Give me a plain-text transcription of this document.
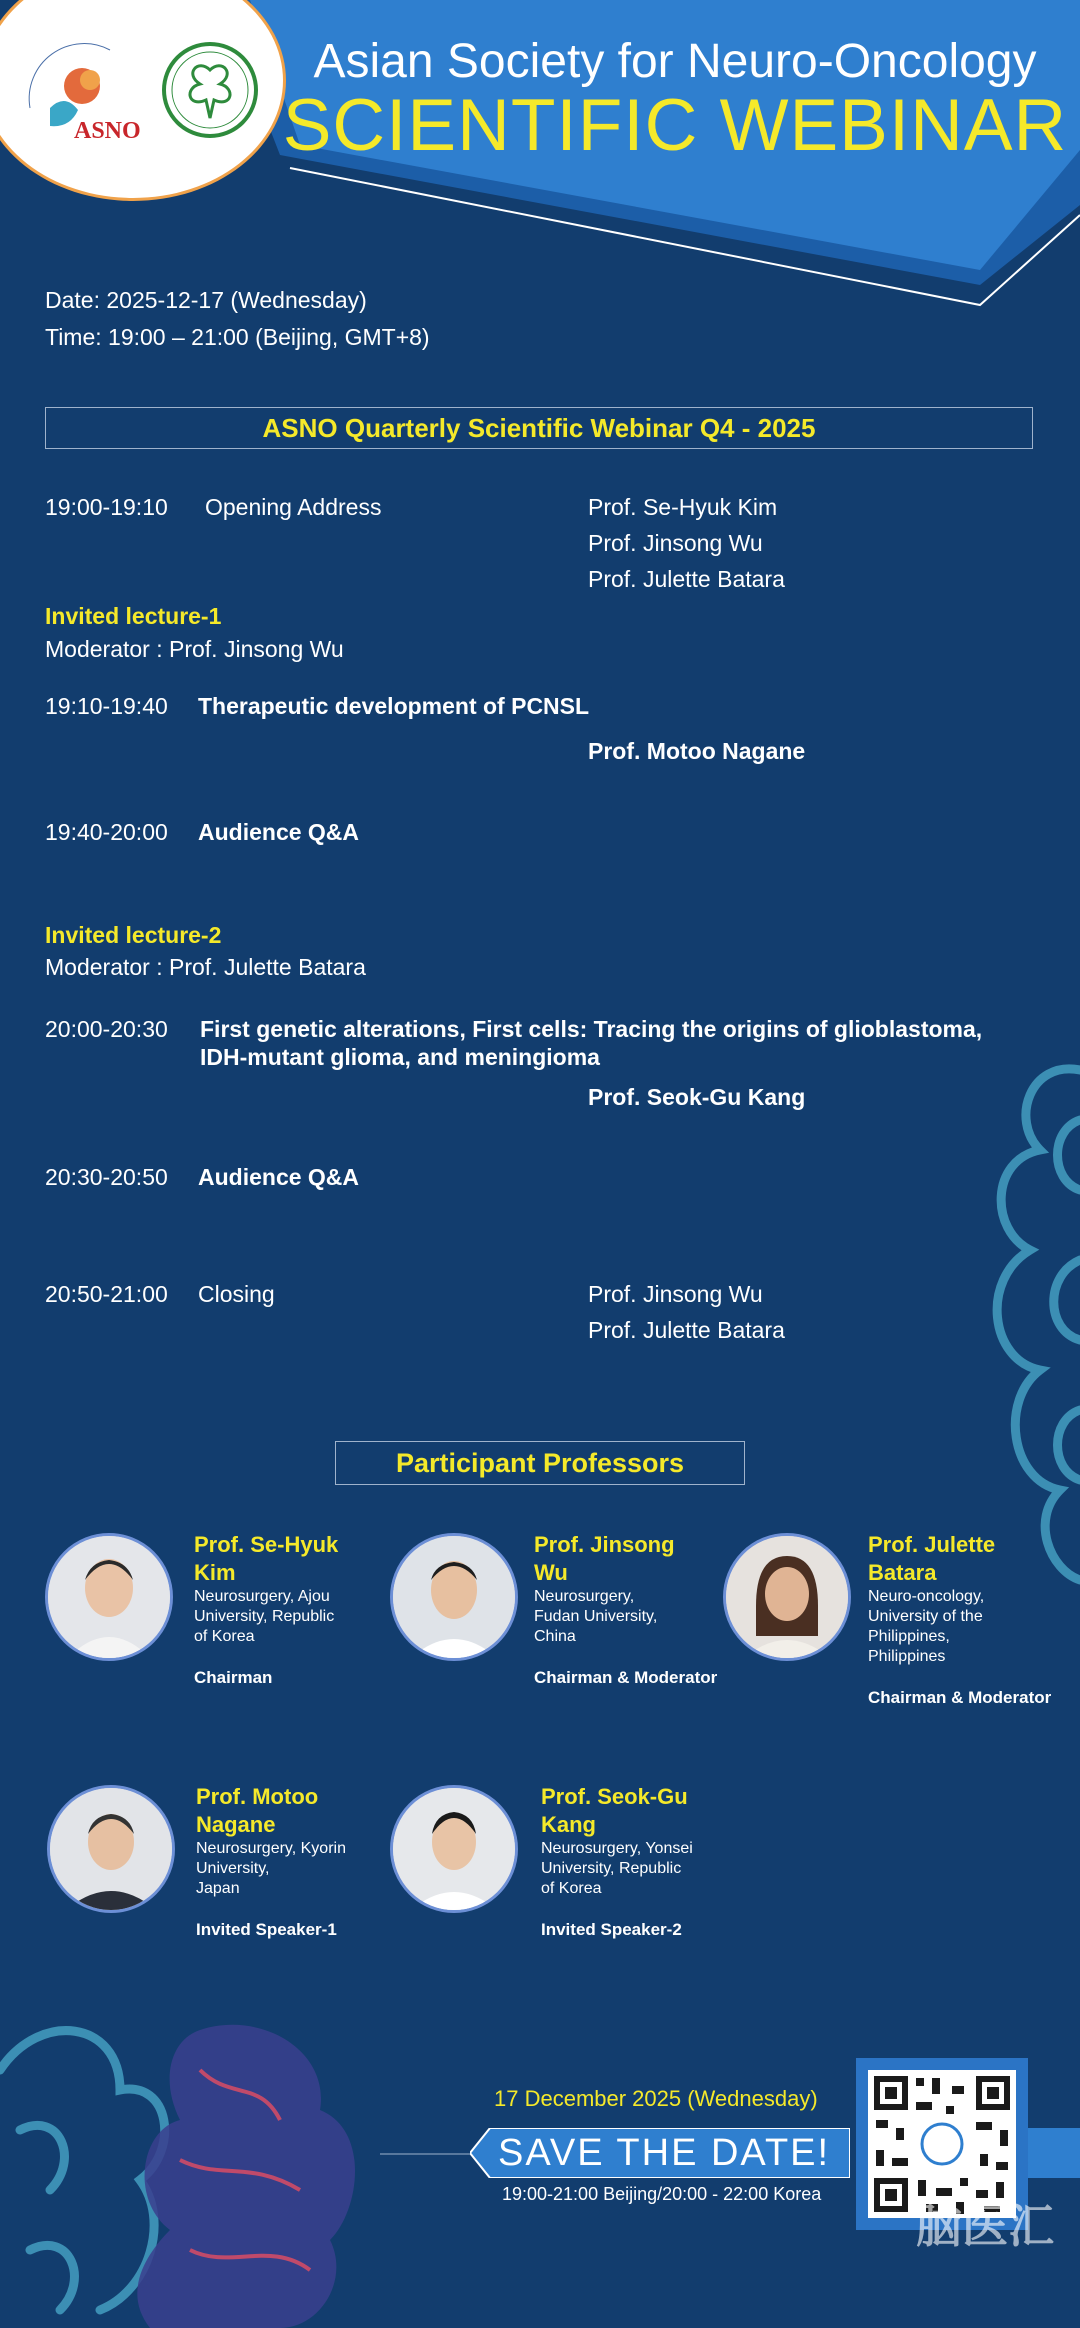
ASNO
Asian Society for Neuro-Oncology
SCIENTIFIC WEBINAR
Date: 2025-12-17 (Wednesday)
Time: 19:00 – 21:00 (Beijing, GMT+8)
ASNO Quarterly Scientific Webinar Q4 - 2025
19:00-19:10 Opening Address	Prof. Se-Hyuk Kim
Prof. Jinsong Wu
Prof. Julette Batara
Invited lecture-1
Moderator : Prof. Jinsong Wu
19:10-19:40 Therapeutic development of PCNSL
Prof. Motoo Nagane
19:40-20:00 Audience Q&A
Invited lecture-2
Moderator : Prof. Julette Batara
20:00-20:30 First genetic alterations, First cells: Tracing the origins of glioblastoma,
IDH-mutant glioma, and meningioma
Prof. Seok-Gu Kang
20:30-20:50 Audience Q&A
20:50-21:00 Closing	Prof. Jinsong Wu
Prof. Julette Batara
Participant Professors
Prof. Se-Hyuk
Kim
Neurosurgery, Ajou
University, Republic
of Korea
Chairman
Prof. Jinsong
Wu
Neurosurgery,
Fudan University,
China
Chairman & Moderator
Prof. Julette
Batara
Neuro-oncology,
University of the
Philippines,
Philippines
Chairman & Moderator
Prof. Motoo
Nagane
Neurosurgery, Kyorin
University,
Japan
Invited Speaker-1
Prof. Seok-Gu
Kang
Neurosurgery, Yonsei
University, Republic
of Korea
Invited Speaker-2
17 December 2025 (Wednesday)
SAVE THE DATE!
19:00-21:00 Beijing/20:00 - 22:00 Korea
脑医汇
